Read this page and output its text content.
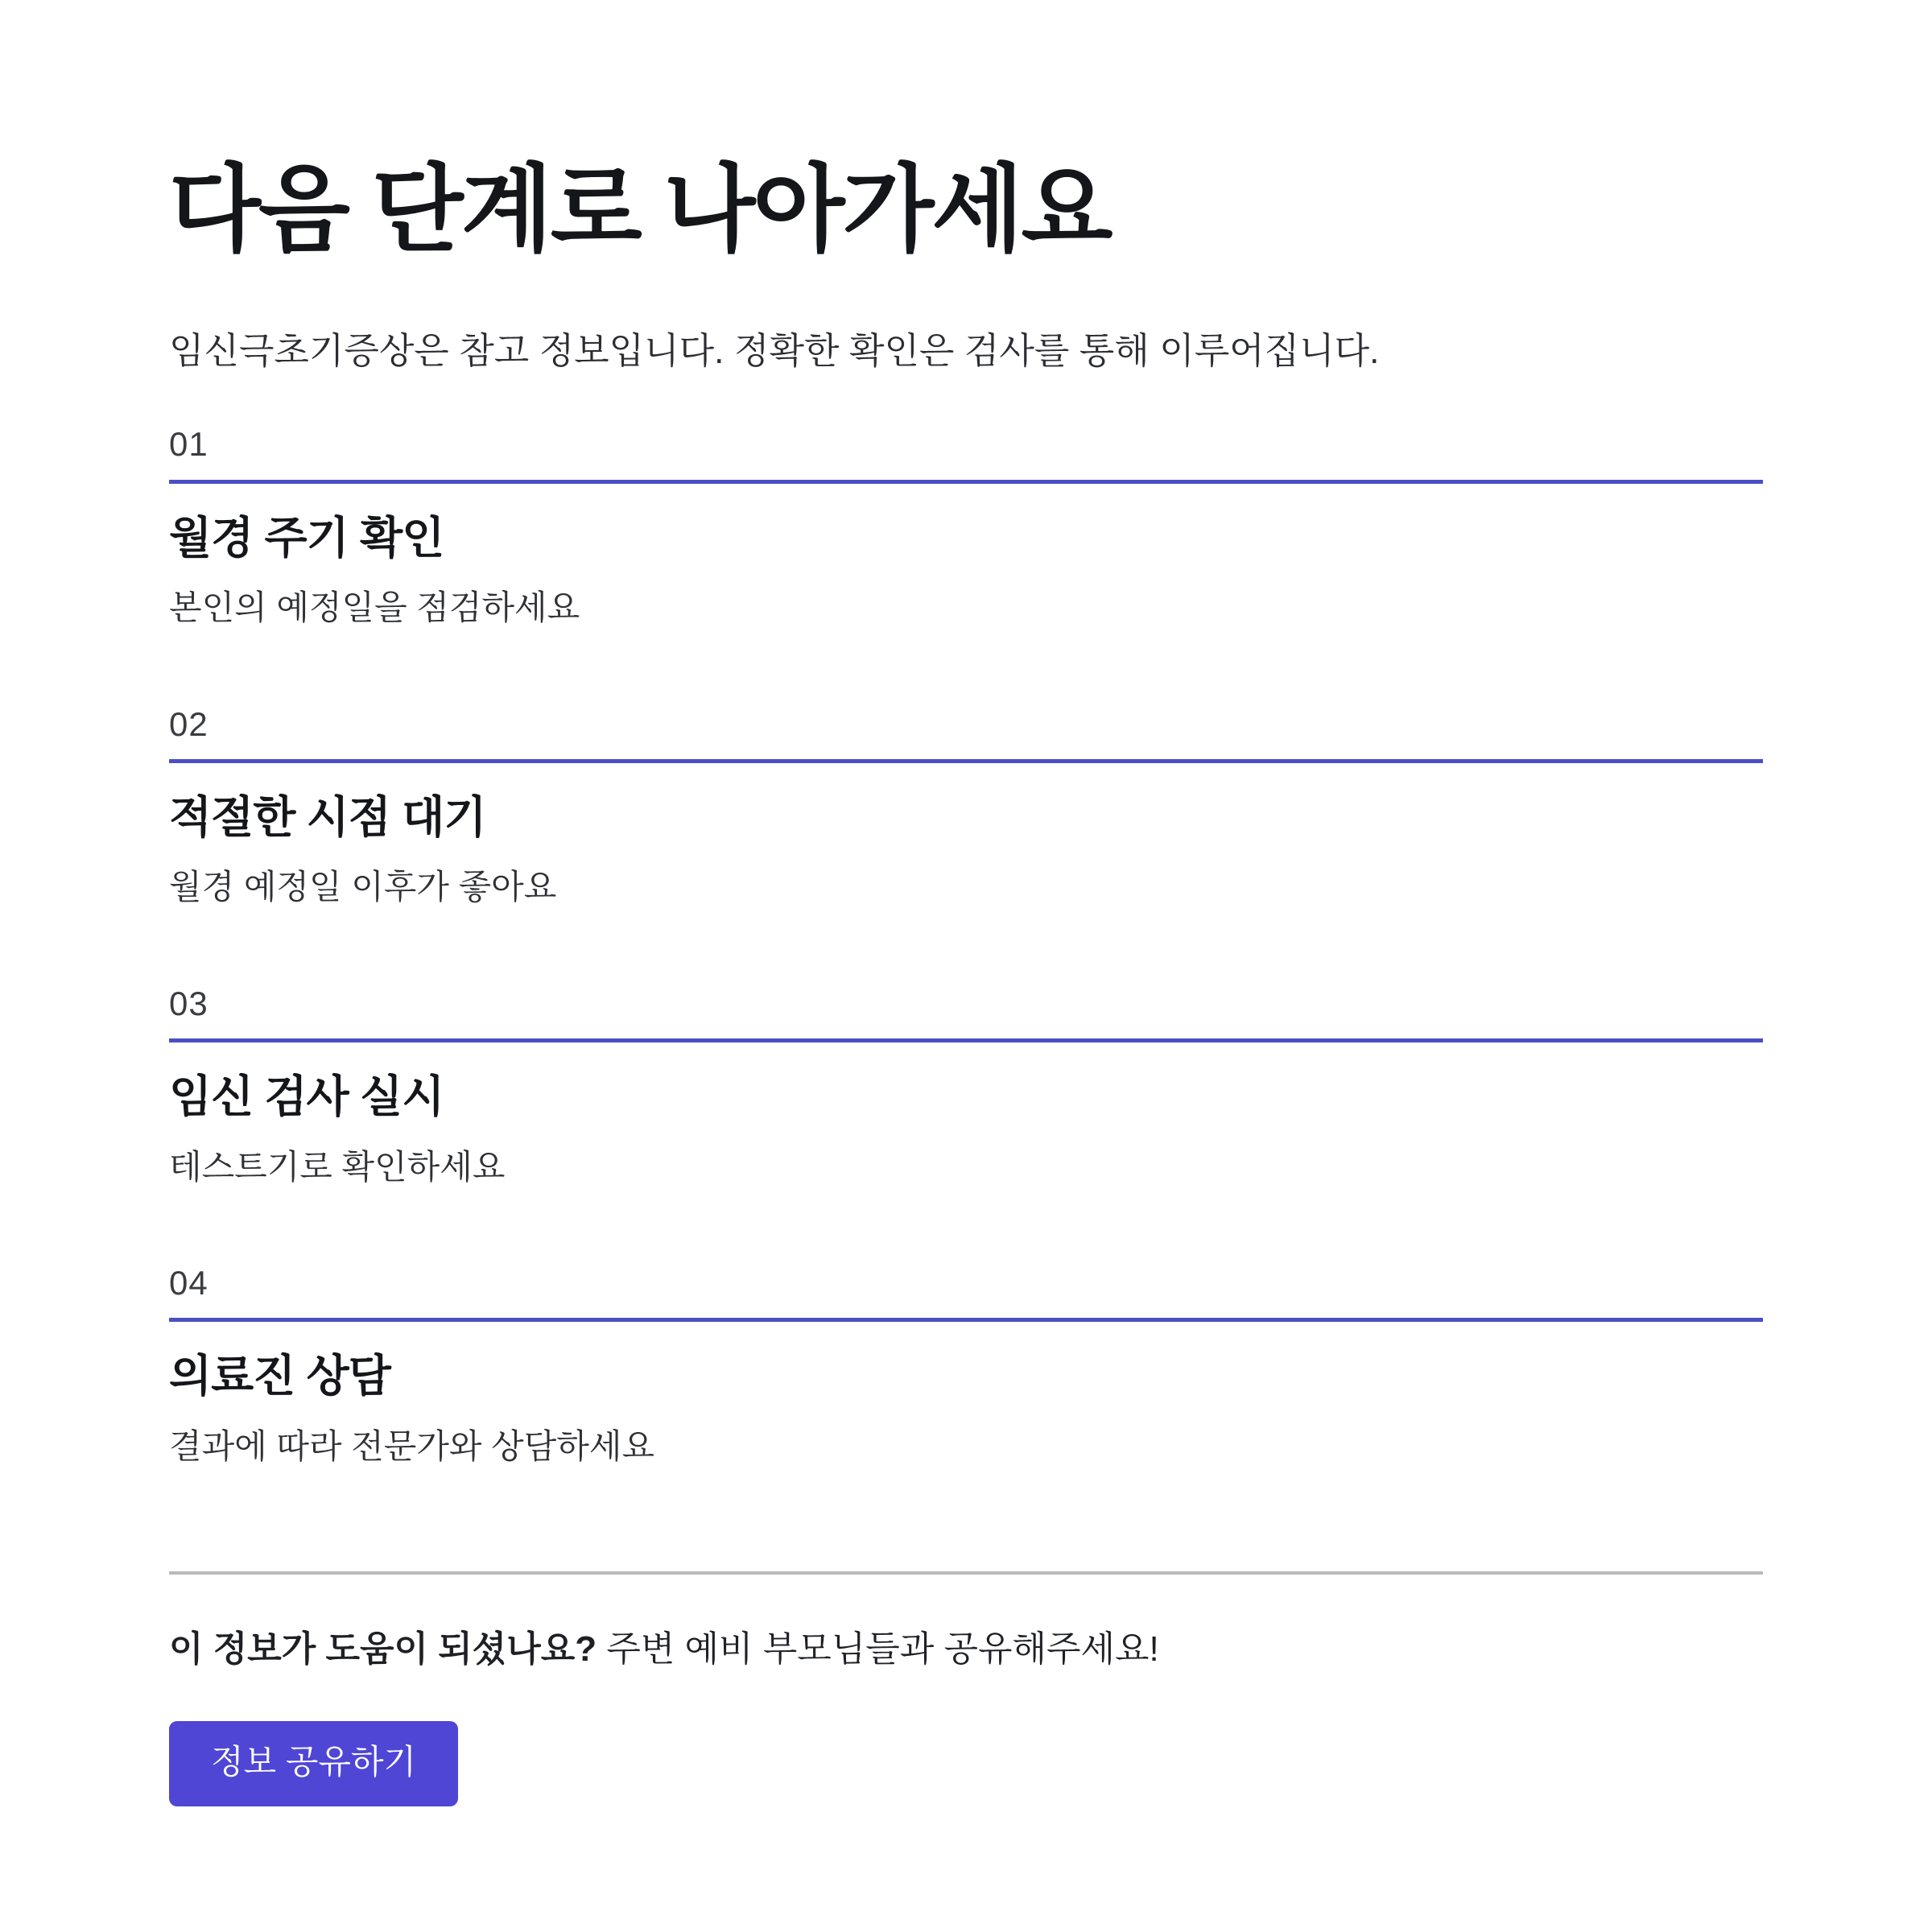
다음 단계로 나아가세요

임신극초기증상은 참고 정보입니다. 정확한 확인은 검사를 통해 이루어집니다.

01
월경 주기 확인
본인의 예정일을 점검하세요
02
적절한 시점 대기
월경 예정일 이후가 좋아요
03
임신 검사 실시
테스트기로 확인하세요
04
의료진 상담
결과에 따라 전문가와 상담하세요

이 정보가 도움이 되셨나요? 주변 예비 부모님들과 공유해주세요!

정보 공유하기
